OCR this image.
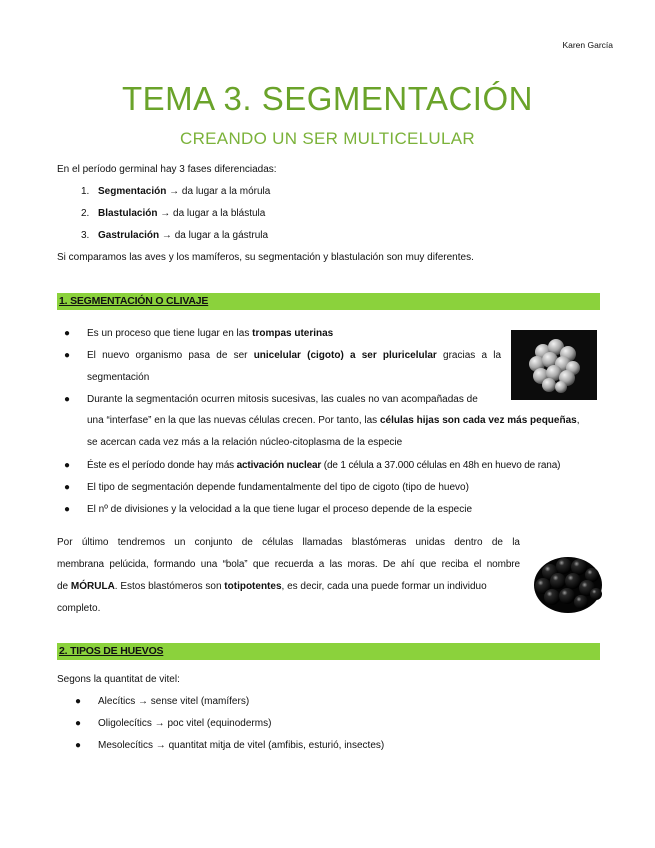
Karen García
TEMA 3. SEGMENTACIÓN
CREANDO UN SER MULTICELULAR
En el período germinal hay 3 fases diferenciadas:
1. Segmentación → da lugar a la mórula
2. Blastulación → da lugar a la blástula
3. Gastrulación → da lugar a la gástrula
Si comparamos las aves y los mamíferos, su segmentación y blastulación son muy diferentes.
1. SEGMENTACIÓN O CLIVAJE
● Es un proceso que tiene lugar en las trompas uterinas
● El nuevo organismo pasa de ser unicelular (cigoto) a ser pluricelular gracias a la
segmentación
● Durante la segmentación ocurren mitosis sucesivas, las cuales no van acompañadas de
una “interfase” en la que las nuevas células crecen. Por tanto, las células hijas son cada vez más pequeñas,
se acercan cada vez más a la relación núcleo-citoplasma de la especie
● Éste es el período donde hay más activación nuclear (de 1 célula a 37.000 células en 48h en huevo de rana)
● El tipo de segmentación depende fundamentalmente del tipo de cigoto (tipo de huevo)
● El nº de divisiones y la velocidad a la que tiene lugar el proceso depende de la especie
Por último tendremos un conjunto de células llamadas blastómeras unidas dentro de la
membrana pelúcida, formando una “bola” que recuerda a las moras. De ahí que reciba el nombre
de MÓRULA. Estos blastómeros son totipotentes, es decir, cada una puede formar un individuo
completo.
2. TIPOS DE HUEVOS
Segons la quantitat de vitel:
● Alecítics → sense vitel (mamífers)
● Oligolecítics → poc vitel (equinoderms)
● Mesolecítics → quantitat mitja de vitel (amfibis, esturió, insectes)
